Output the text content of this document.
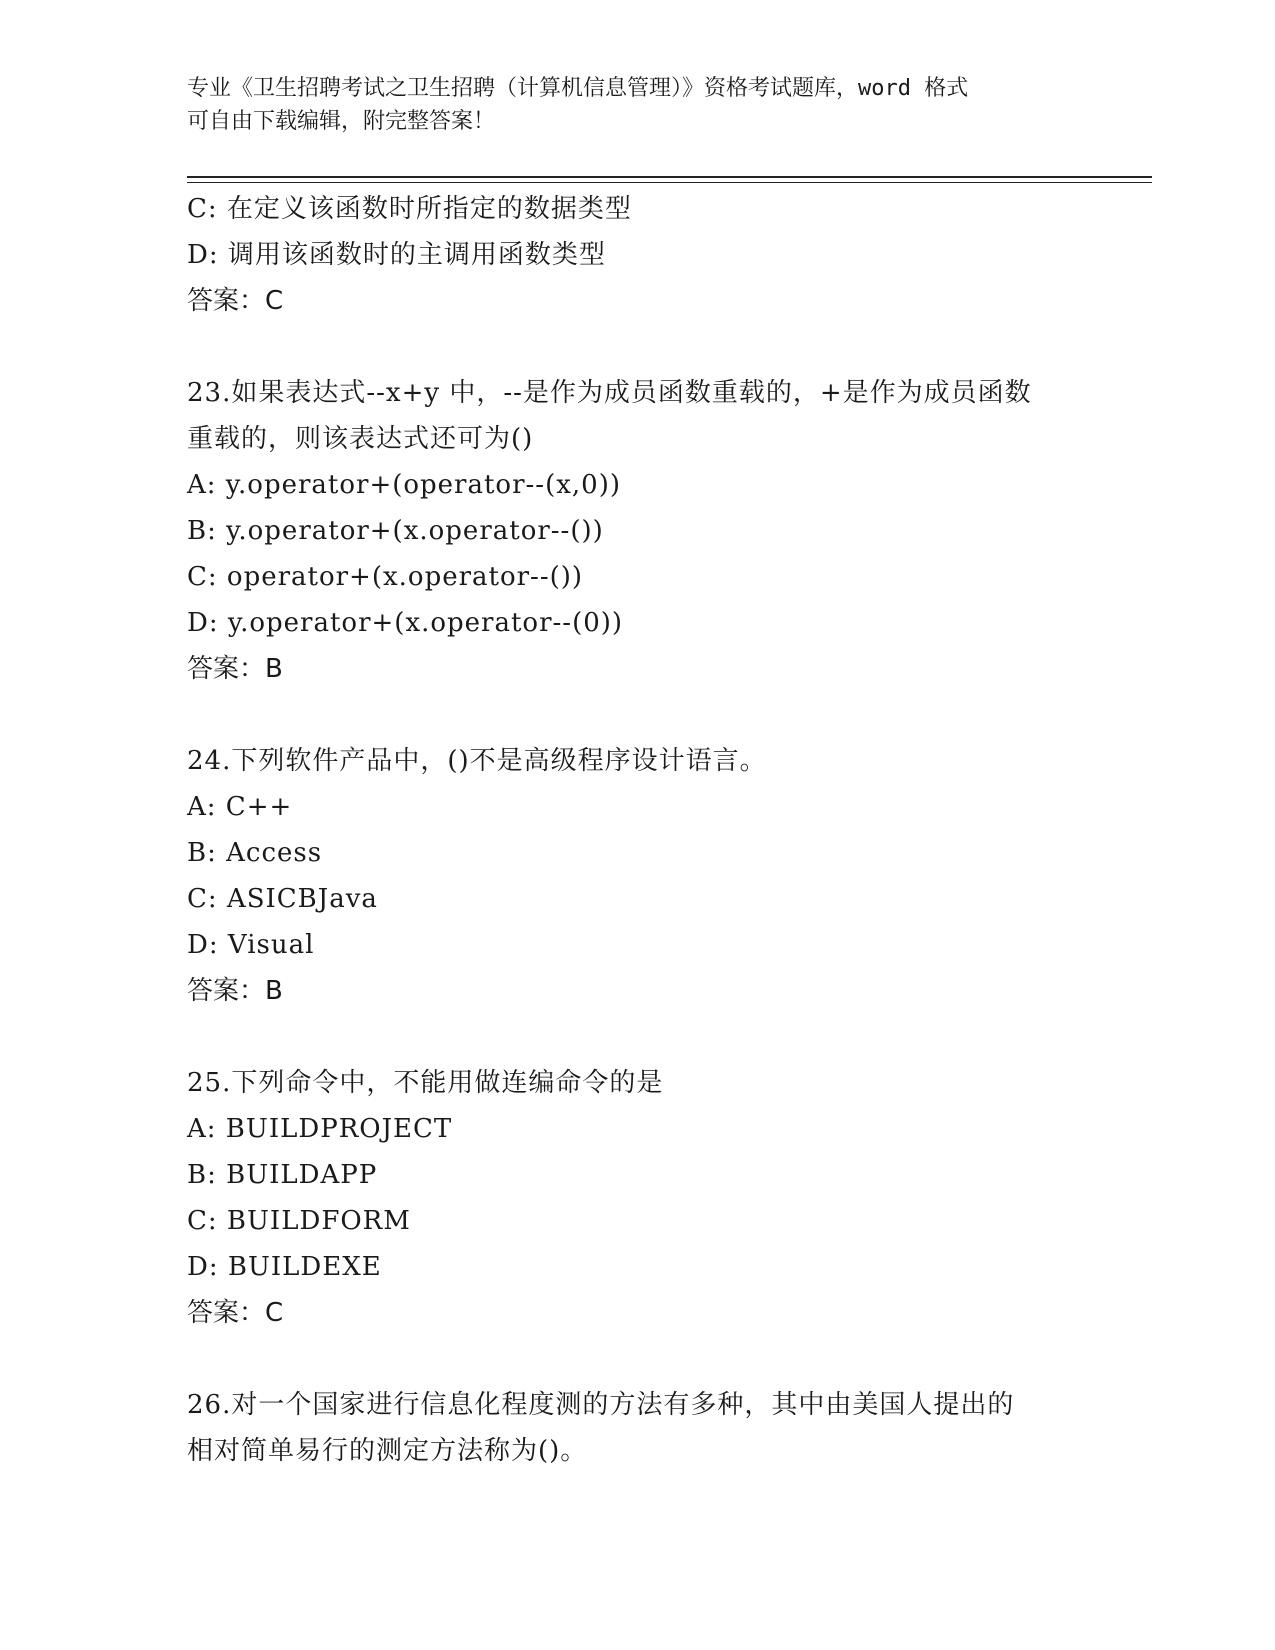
专业《卫生招聘考试之卫生招聘（计算机信息管理）》资格考试题库，word 格式
可自由下载编辑，附完整答案！
C: 在定义该函数时所指定的数据类型
D: 调用该函数时的主调用函数类型
答案：C
23.如果表达式--x+y 中，--是作为成员函数重载的，+是作为成员函数
重载的，则该表达式还可为()
A: y.operator+(operator--(x,0))
B: y.operator+(x.operator--())
C: operator+(x.operator--())
D: y.operator+(x.operator--(0))
答案：B
24.下列软件产品中，()不是高级程序设计语言。
A: C++
B: Access
C: ASICBJava
D: Visual
答案：B
25.下列命令中，不能用做连编命令的是
A: BUILDPROJECT
B: BUILDAPP
C: BUILDFORM
D: BUILDEXE
答案：C
26.对一个国家进行信息化程度测的方法有多种，其中由美国人提出的
相对简单易行的测定方法称为()。
